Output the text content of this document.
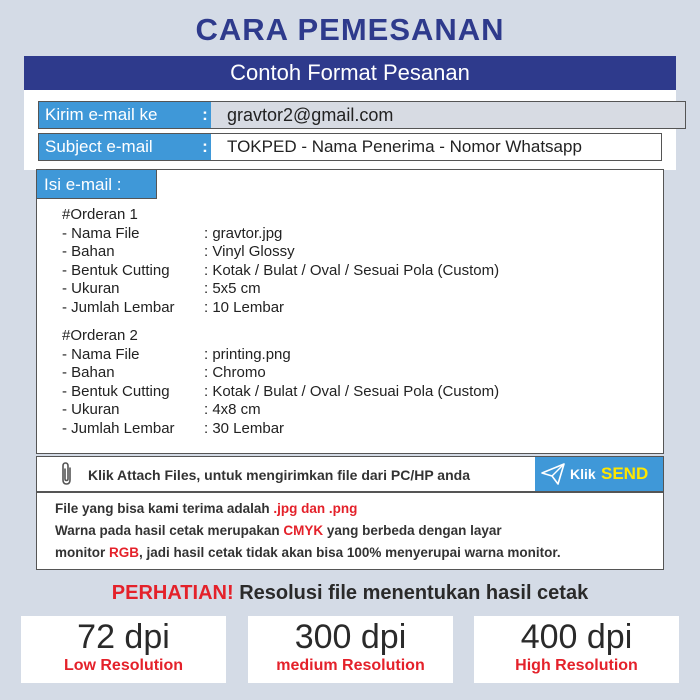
CARA PEMESANAN
Contoh Format Pesanan
Kirim e-mail ke	:	gravtor2@gmail.com
Subject e-mail	:	TOKPED - Nama Penerima - Nomor Whatsapp
Isi e-mail :
#Orderan 1
- Nama File	: gravtor.jpg
- Bahan	: Vinyl Glossy
- Bentuk Cutting : Kotak / Bulat / Oval / Sesuai Pola (Custom)
- Ukuran	: 5x5 cm
- Jumlah Lembar : 10 Lembar
#Orderan 2
- Nama File	: printing.png
- Bahan	: Chromo
- Bentuk Cutting : Kotak / Bulat / Oval / Sesuai Pola (Custom)
- Ukuran	: 4x8 cm
- Jumlah Lembar : 30 Lembar
Klik Attach Files, untuk mengirimkan file dari PC/HP anda	Klik SEND
File yang bisa kami terima adalah .jpg dan .png
Warna pada hasil cetak merupakan CMYK yang berbeda dengan layar
monitor RGB, jadi hasil cetak tidak akan bisa 100% menyerupai warna monitor.
PERHATIAN! Resolusi file menentukan hasil cetak
72 dpi
Low Resolution
300 dpi
medium Resolution
400 dpi
High Resolution
